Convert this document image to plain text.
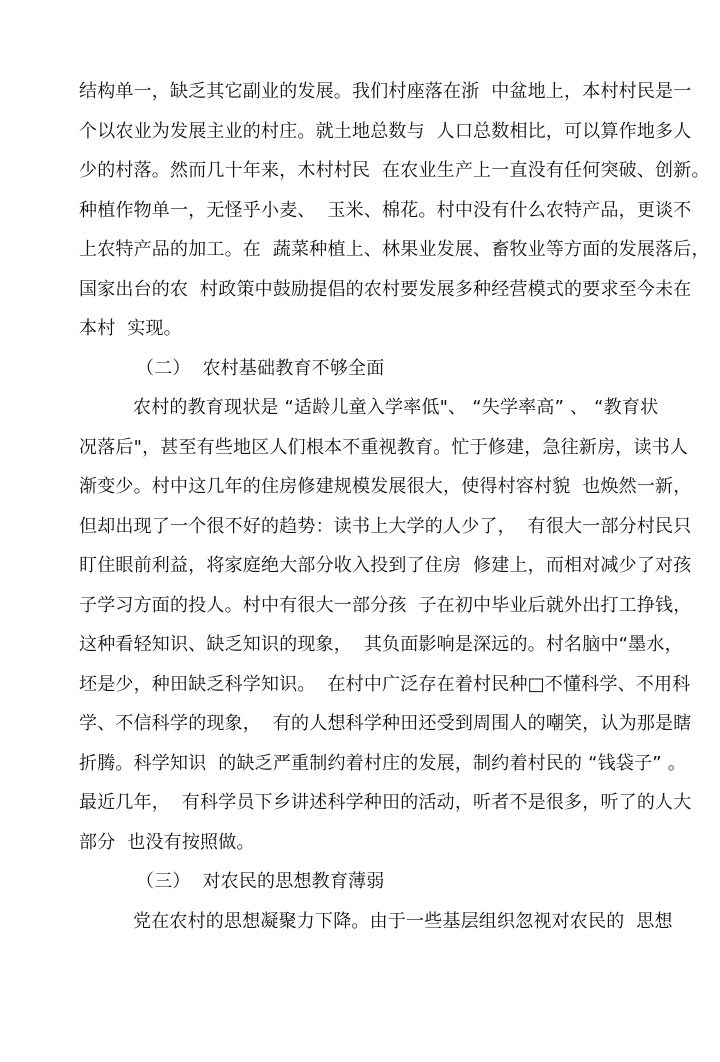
结构单一，缺乏其它副业的发展。我们村座落在浙  中盆地上，本村村民是一
个以农业为发展主业的村庄。就土地总数与  人口总数相比，可以算作地多人
少的村落。然而几十年来，木村村民  在农业生产上一直没有任何突破、创新。
种植作物单一，无怪乎小麦、  玉米、棉花。村中没有什么农特产品，更谈不
上农特产品的加工。在  蔬菜种植上、林果业发展、畜牧业等方面的发展落后，
国家出台的农  村政策中鼓励提倡的农村要发展多种经营模式的要求至今未在
本村  实现。
（二）  农村基础教育不够全面
农村的教育现状是 “适龄儿童入学率低"、 “失学率高” 、 “教育状
况落后"，甚至有些地区人们根本不重视教育。忙于修建，急往新房，读书人
渐变少。村中这几年的住房修建规模发展很大，使得村容村貌  也焕然一新，
但却出现了一个很不好的趋势：读书上大学的人少了，  有很大一部分村民只
盯住眼前利益，将家庭绝大部分收入投到了住房  修建上，而相对减少了对孩
子学习方面的投人。村中有很大一部分孩  子在初中毕业后就外出打工挣钱，
这种看轻知识、缺乏知识的现象，  其负面影响是深远的。村名脑中“墨水，
坯是少，种田缺乏科学知识。  在村中广泛存在着村民种□不懂科学、不用科
学、不信科学的现象，  有的人想科学种田还受到周围人的嘲笑，认为那是瞎
折腾。科学知识  的缺乏严重制约着村庄的发展，制约着村民的 “钱袋子” 。
最近几年，  有科学员下乡讲述科学种田的活动，听者不是很多，听了的人大
部分  也没有按照做。
（三）  对农民的思想教育薄弱
党在农村的思想凝聚力下降。由于一些基层组织忽视对农民的  思想
